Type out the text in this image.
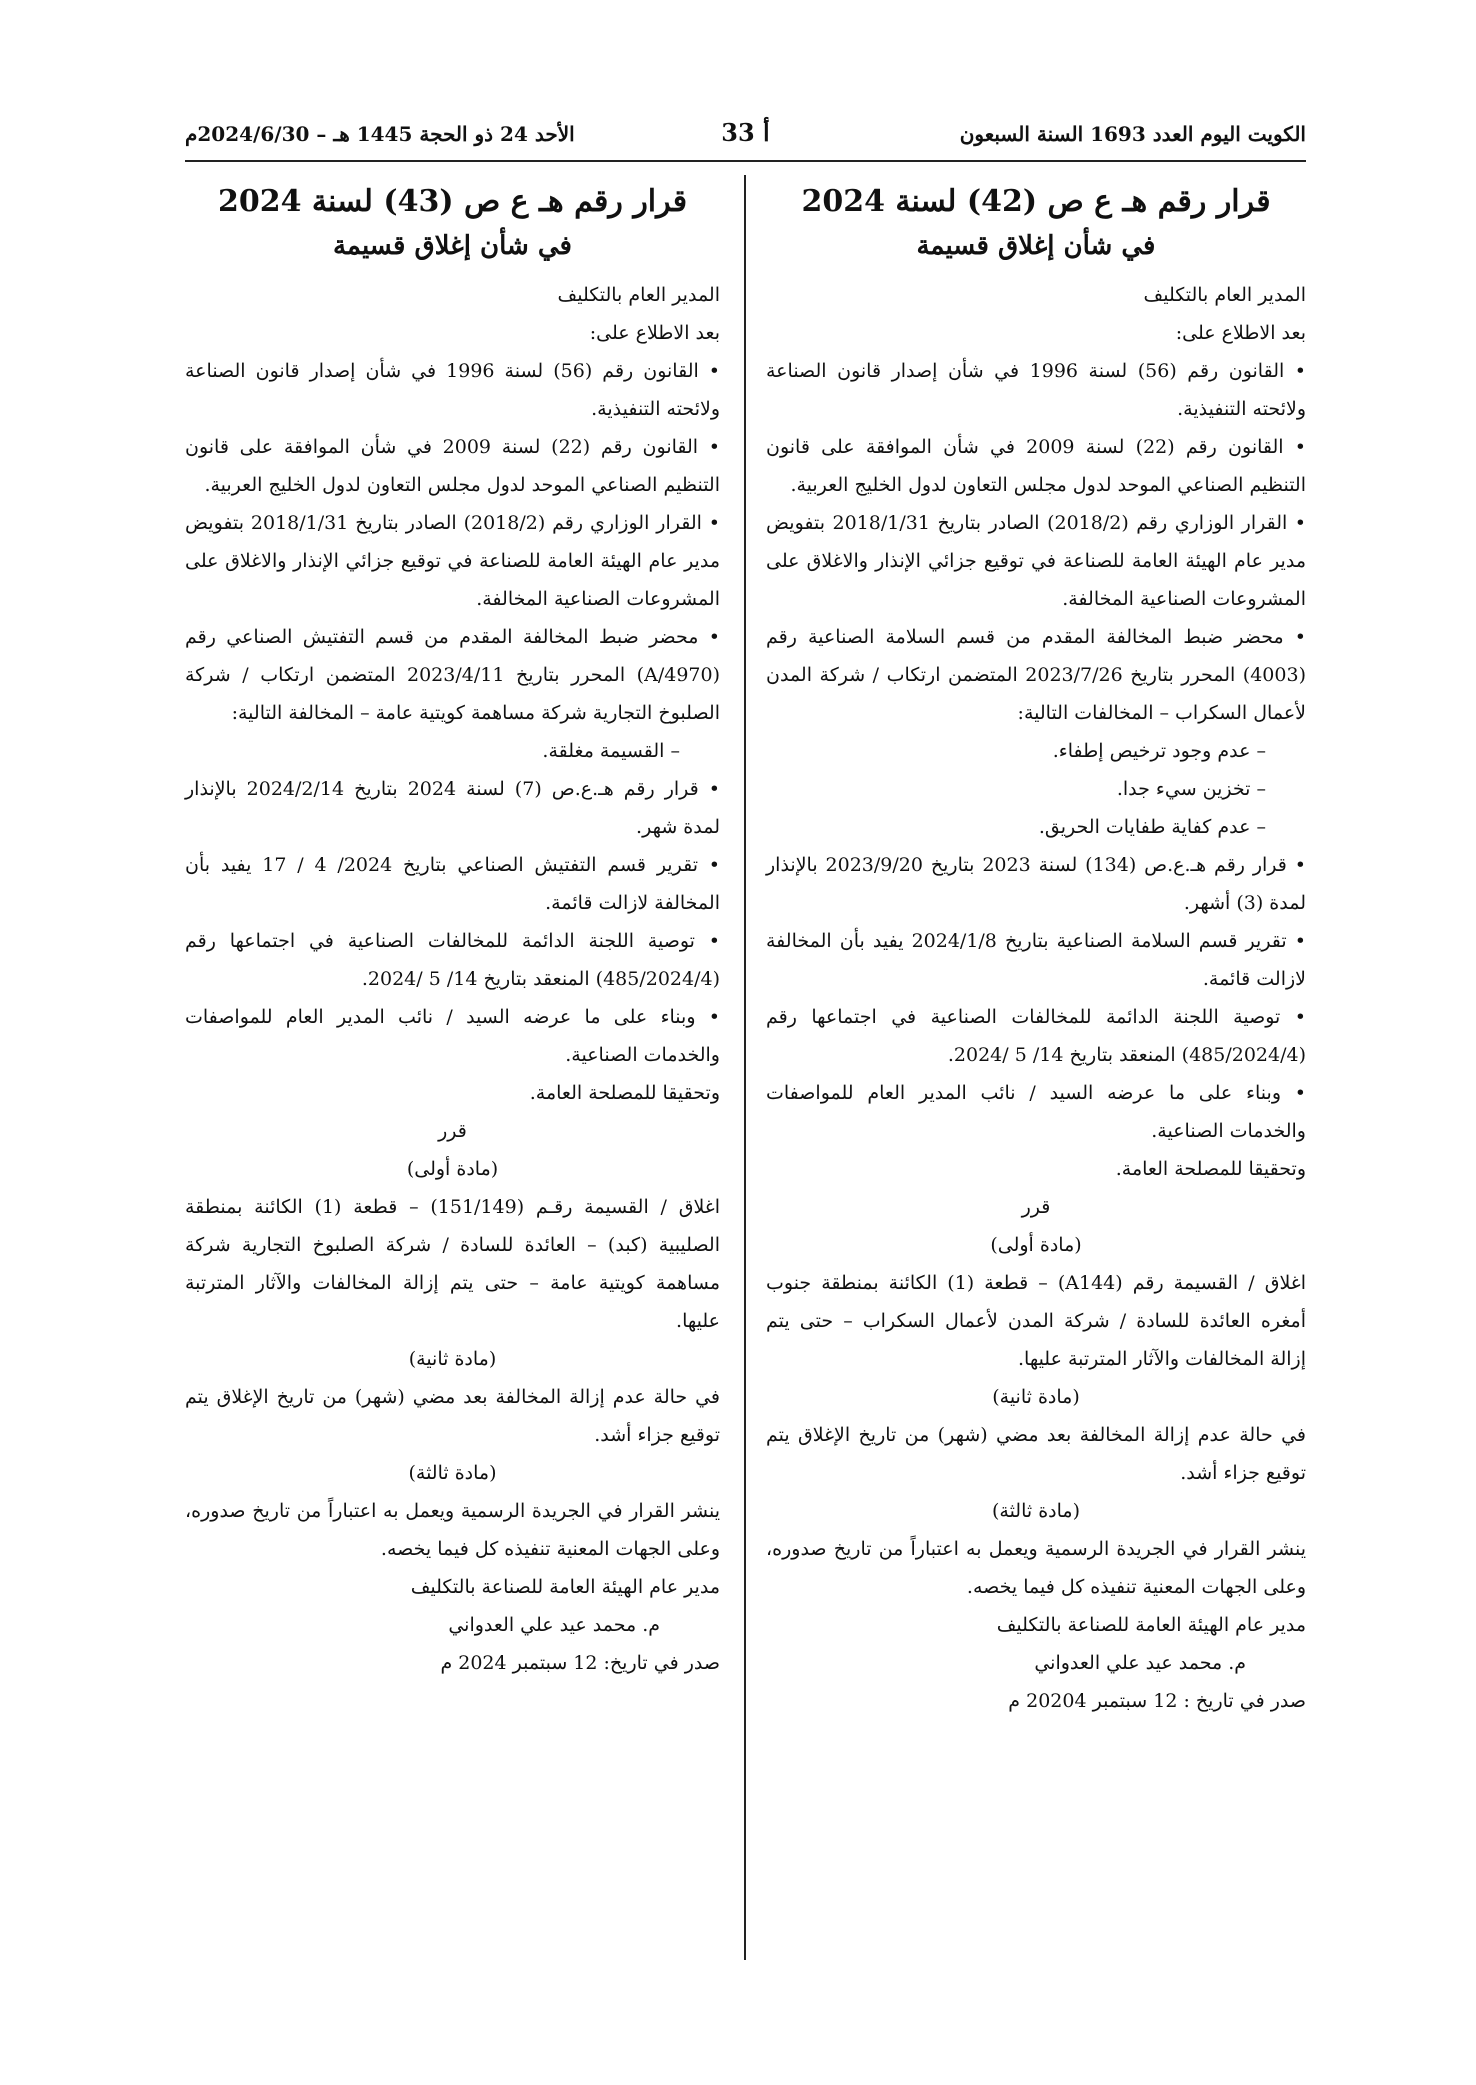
الكويت اليوم العدد 1693 السنة السبعون
أ 33
الأحد 24 ذو الحجة 1445 هـ – 2024/6/30م

قرار رقم هـ ع ص (42) لسنة 2024

في شأن إغلاق قسيمة

المدير العام بالتكليف

بعد الاطلاع على:

• القانون رقم (56) لسنة 1996 في شأن إصدار قانون الصناعة ولائحته التنفيذية.

• القانون رقم (22) لسنة 2009 في شأن الموافقة على قانون التنظيم الصناعي الموحد لدول مجلس التعاون لدول الخليج العربية.

• القرار الوزاري رقم (2018/2) الصادر بتاريخ 2018/1/31 بتفويض مدير عام الهيئة العامة للصناعة في توقيع جزائي الإنذار والاغلاق على المشروعات الصناعية المخالفة.

• محضر ضبط المخالفة المقدم من قسم السلامة الصناعية رقم (4003) المحرر بتاريخ 2023/7/26 المتضمن ارتكاب / شركة المدن لأعمال السكراب – المخالفات التالية:

– عدم وجود ترخيص إطفاء.

– تخزين سيء جدا.

– عدم كفاية طفايات الحريق.

• قرار رقم هـ.ع.ص (134) لسنة 2023 بتاريخ 2023/9/20 بالإنذار لمدة (3) أشهر.

• تقرير قسم السلامة الصناعية بتاريخ 2024/1/8 يفيد بأن المخالفة لازالت قائمة.

• توصية اللجنة الدائمة للمخالفات الصناعية في اجتماعها رقم (485/2024/4) المنعقد بتاريخ 14/ 5 /2024.

• وبناء على ما عرضه السيد / نائب المدير العام للمواصفات والخدمات الصناعية.

وتحقيقا للمصلحة العامة.

قرر

(مادة أولى)

اغلاق / القسيمة رقم (A144) – قطعة (1) الكائنة بمنطقة جنوب أمغره العائدة للسادة / شركة المدن لأعمال السكراب – حتى يتم إزالة المخالفات والآثار المترتبة عليها.

(مادة ثانية)

في حالة عدم إزالة المخالفة بعد مضي (شهر) من تاريخ الإغلاق يتم توقيع جزاء أشد.

(مادة ثالثة)

ينشر القرار في الجريدة الرسمية ويعمل به اعتباراً من تاريخ صدوره، وعلى الجهات المعنية تنفيذه كل فيما يخصه.

مدير عام الهيئة العامة للصناعة بالتكليف

م. محمد عيد علي العدواني

صدر في تاريخ : 12 سبتمبر 20204 م

قرار رقم هـ ع ص (43) لسنة 2024

في شأن إغلاق قسيمة

المدير العام بالتكليف

بعد الاطلاع على:

• القانون رقم (56) لسنة 1996 في شأن إصدار قانون الصناعة ولائحته التنفيذية.

• القانون رقم (22) لسنة 2009 في شأن الموافقة على قانون التنظيم الصناعي الموحد لدول مجلس التعاون لدول الخليج العربية.

• القرار الوزاري رقم (2018/2) الصادر بتاريخ 2018/1/31 بتفويض مدير عام الهيئة العامة للصناعة في توقيع جزائي الإنذار والاغلاق على المشروعات الصناعية المخالفة.

• محضر ضبط المخالفة المقدم من قسم التفتيش الصناعي رقم (A/4970) المحرر بتاريخ 2023/4/11 المتضمن ارتكاب / شركة الصلبوخ التجارية شركة مساهمة كويتية عامة – المخالفة التالية:

– القسيمة مغلقة.

• قرار رقم هـ.ع.ص (7) لسنة 2024 بتاريخ 2024/2/14 بالإنذار لمدة شهر.

• تقرير قسم التفتيش الصناعي بتاريخ 2024/ 4 / 17 يفيد بأن المخالفة لازالت قائمة.

• توصية اللجنة الدائمة للمخالفات الصناعية في اجتماعها رقم (485/2024/4) المنعقد بتاريخ 14/ 5 /2024.

• وبناء على ما عرضه السيد / نائب المدير العام للمواصفات والخدمات الصناعية.

وتحقيقا للمصلحة العامة.

قرر

(مادة أولى)

اغلاق / القسيمة رقـم (151/149) – قطعة (1) الكائنة بمنطقة الصليبية (كبد) – العائدة للسادة / شركة الصلبوخ التجارية شركة مساهمة كويتية عامة – حتى يتم إزالة المخالفات والآثار المترتبة عليها.

(مادة ثانية)

في حالة عدم إزالة المخالفة بعد مضي (شهر) من تاريخ الإغلاق يتم توقيع جزاء أشد.

(مادة ثالثة)

ينشر القرار في الجريدة الرسمية ويعمل به اعتباراً من تاريخ صدوره، وعلى الجهات المعنية تنفيذه كل فيما يخصه.

مدير عام الهيئة العامة للصناعة بالتكليف

م. محمد عيد علي العدواني

صدر في تاريخ: 12 سبتمبر 2024 م
